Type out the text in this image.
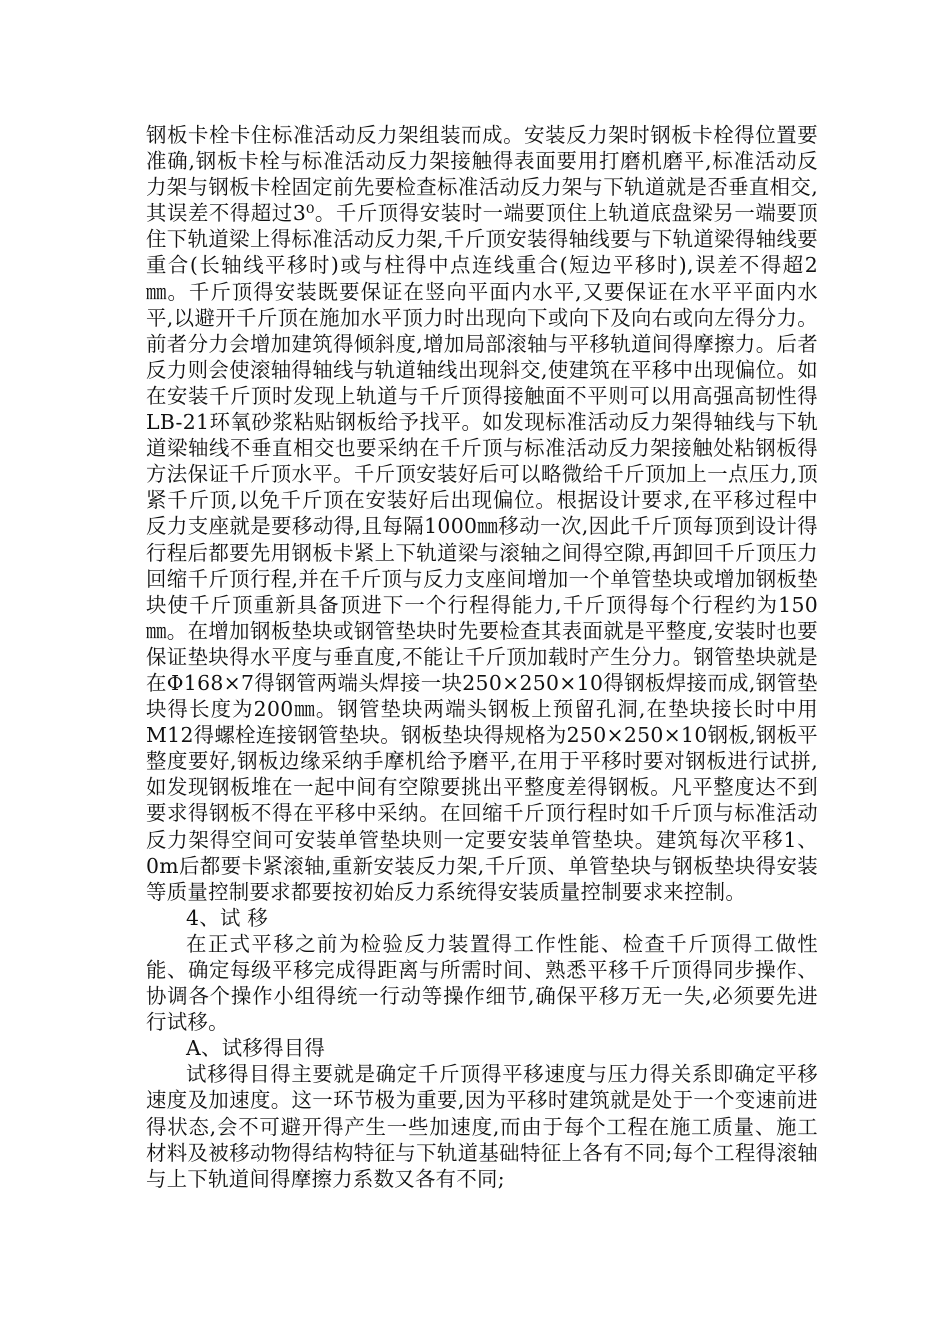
钢板卡栓卡住标准活动反力架组装而成。安装反力架时钢板卡栓得位置要准确,钢板卡栓与标准活动反力架接触得表面要用打磨机磨平,标准活动反力架与钢板卡栓固定前先要检查标准活动反力架与下轨道就是否垂直相交,其误差不得超过3⁰。千斤顶得安装时一端要顶住上轨道底盘梁另一端要顶住下轨道梁上得标准活动反力架,千斤顶安装得轴线要与下轨道梁得轴线要重合(长轴线平移时)或与柱得中点连线重合(短边平移时),误差不得超2㎜。千斤顶得安装既要保证在竖向平面内水平,又要保证在水平平面内水平,以避开千斤顶在施加水平顶力时出现向下或向下及向右或向左得分力。前者分力会增加建筑得倾斜度,增加局部滚轴与平移轨道间得摩擦力。后者反力则会使滚轴得轴线与轨道轴线出现斜交,使建筑在平移中出现偏位。如在安装千斤顶时发现上轨道与千斤顶得接触面不平则可以用高强高韧性得LB-21环氧砂浆粘贴钢板给予找平。如发现标准活动反力架得轴线与下轨道梁轴线不垂直相交也要采纳在千斤顶与标准活动反力架接触处粘钢板得方法保证千斤顶水平。千斤顶安装好后可以略微给千斤顶加上一点压力,顶紧千斤顶,以免千斤顶在安装好后出现偏位。根据设计要求,在平移过程中反力支座就是要移动得,且每隔1000㎜移动一次,因此千斤顶每顶到设计得行程后都要先用钢板卡紧上下轨道梁与滚轴之间得空隙,再卸回千斤顶压力回缩千斤顶行程,并在千斤顶与反力支座间增加一个单管垫块或增加钢板垫块使千斤顶重新具备顶进下一个行程得能力,千斤顶得每个行程约为150㎜。在增加钢板垫块或钢管垫块时先要检查其表面就是平整度,安装时也要保证垫块得水平度与垂直度,不能让千斤顶加载时产生分力。钢管垫块就是在Φ168×7得钢管两端头焊接一块250×250×10得钢板焊接而成,钢管垫块得长度为200㎜。钢管垫块两端头钢板上预留孔洞,在垫块接长时中用M12得螺栓连接钢管垫块。钢板垫块得规格为250×250×10钢板,钢板平整度要好,钢板边缘采纳手摩机给予磨平,在用于平移时要对钢板进行试拼,如发现钢板堆在一起中间有空隙要挑出平整度差得钢板。凡平整度达不到要求得钢板不得在平移中采纳。在回缩千斤顶行程时如千斤顶与标准活动反力架得空间可安装单管垫块则一定要安装单管垫块。建筑每次平移1、0m后都要卡紧滚轴,重新安装反力架,千斤顶、单管垫块与钢板垫块得安装等质量控制要求都要按初始反力系统得安装质量控制要求来控制。

4、试 移

在正式平移之前为检验反力装置得工作性能、检查千斤顶得工做性能、确定每级平移完成得距离与所需时间、熟悉平移千斤顶得同步操作、协调各个操作小组得统一行动等操作细节,确保平移万无一失,必须要先进行试移。

A、试移得目得

试移得目得主要就是确定千斤顶得平移速度与压力得关系即确定平移速度及加速度。这一环节极为重要,因为平移时建筑就是处于一个变速前进得状态,会不可避开得产生一些加速度,而由于每个工程在施工质量、施工材料及被移动物得结构特征与下轨道基础特征上各有不同;每个工程得滚轴与上下轨道间得摩擦力系数又各有不同;
